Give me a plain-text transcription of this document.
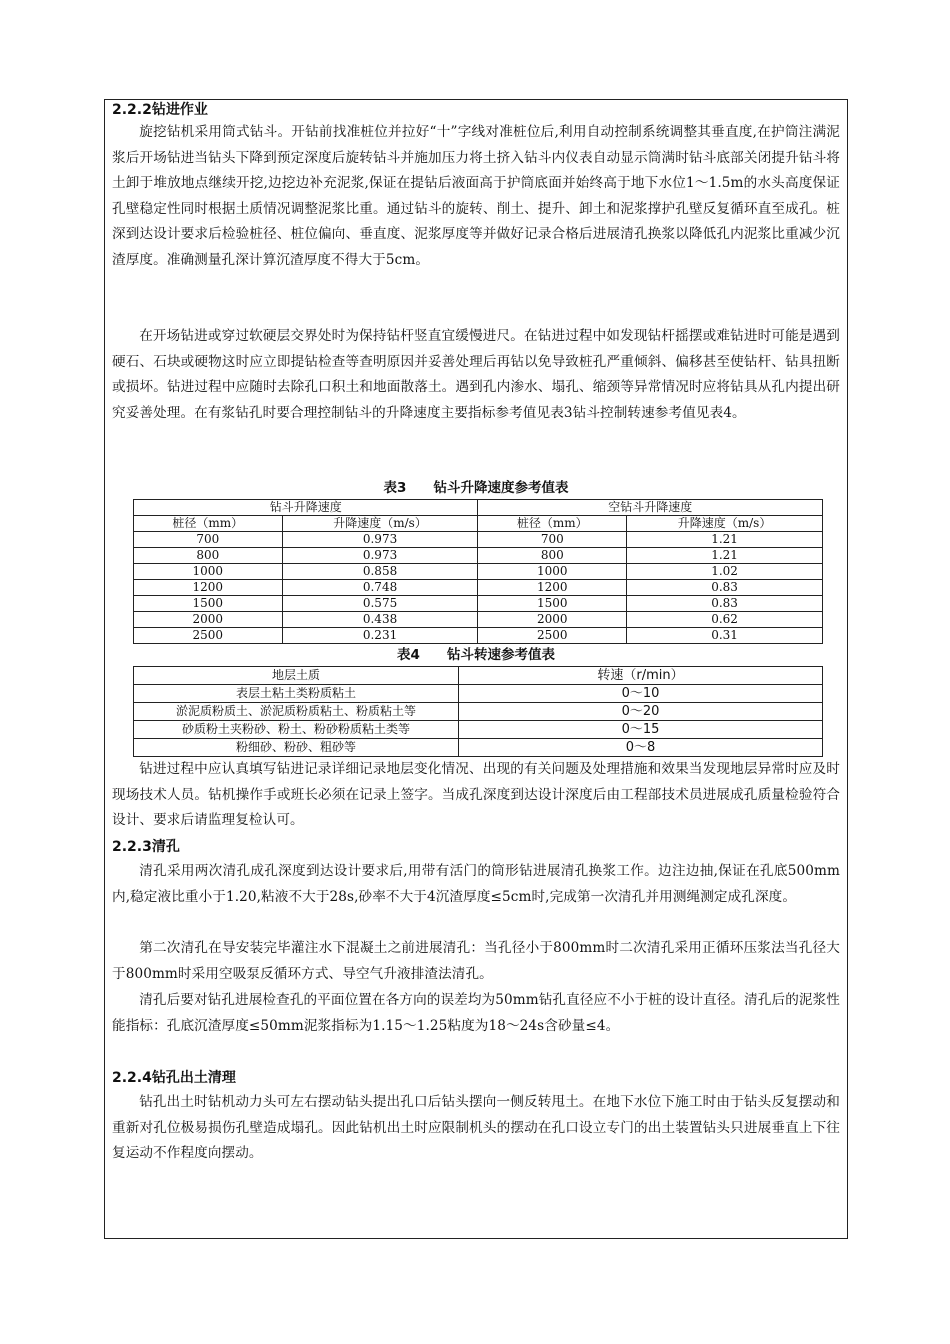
2.2.2钻进作业

旋挖钻机采用筒式钻斗。开钻前找准桩位并拉好“十”字线对准桩位后,利用自动控制系统调整其垂直度,在护筒注满泥浆后开场钻进当钻头下降到预定深度后旋转钻斗并施加压力将土挤入钻斗内仪表自动显示筒满时钻斗底部关闭提升钻斗将土卸于堆放地点继续开挖,边挖边补充泥浆,保证在提钻后液面高于护筒底面并始终高于地下水位1～1.5m的水头高度保证孔壁稳定性同时根据土质情况调整泥浆比重。通过钻斗的旋转、削土、提升、卸土和泥浆撑护孔壁反复循环直至成孔。桩深到达设计要求后检验桩径、桩位偏向、垂直度、泥浆厚度等并做好记录合格后进展清孔换浆以降低孔内泥浆比重减少沉渣厚度。准确测量孔深计算沉渣厚度不得大于5cm。

在开场钻进或穿过软硬层交界处时为保持钻杆竖直宜缓慢进尺。在钻进过程中如发现钻杆摇摆或难钻进时可能是遇到硬石、石块或硬物这时应立即提钻检查等查明原因并妥善处理后再钻以免导致桩孔严重倾斜、偏移甚至使钻杆、钻具扭断或损坏。钻进过程中应随时去除孔口积土和地面散落土。遇到孔内渗水、塌孔、缩颈等异常情况时应将钻具从孔内提出研究妥善处理。在有浆钻孔时要合理控制钻斗的升降速度主要指标参考值见表3钻斗控制转速参考值见表4。

表3　　钻斗升降速度参考值表

钻斗升降速度		空钻斗升降速度	
桩径（mm）	升降速度（m/s）	桩径（mm）	升降速度（m/s）
700	0.973	700	1.21
800	0.973	800	1.21
1000	0.858	1000	1.02
1200	0.748	1200	0.83
1500	0.575	1500	0.83
2000	0.438	2000	0.62
2500	0.231	2500	0.31

表4　　钻斗转速参考值表

地层土质	转速（r/min）
表层土粘土类粉质粘土	0～10
淤泥质粉质土、淤泥质粉质粘土、粉质粘土等	0～20
砂质粉土夹粉砂、粉土、粉砂粉质粘土类等	0～15
粉细砂、粉砂、粗砂等	0～8

钻进过程中应认真填写钻进记录详细记录地层变化情况、出现的有关问题及处理措施和效果当发现地层异常时应及时现场技术人员。钻机操作手或班长必须在记录上签字。当成孔深度到达设计深度后由工程部技术员进展成孔质量检验符合设计、要求后请监理复检认可。

2.2.3清孔

清孔采用两次清孔成孔深度到达设计要求后,用带有活门的筒形钻进展清孔换浆工作。边注边抽,保证在孔底500mm 内,稳定液比重小于1.20,粘液不大于28s,砂率不大于4沉渣厚度≤5cm时,完成第一次清孔并用测绳测定成孔深度。

第二次清孔在导安装完毕灌注水下混凝土之前进展清孔：当孔径小于800mm时二次清孔采用正循环压浆法当孔径大于800mm时采用空吸泵反循环方式、导空气升液排渣法清孔。

清孔后要对钻孔进展检查孔的平面位置在各方向的误差均为50mm钻孔直径应不小于桩的设计直径。清孔后的泥浆性能指标：孔底沉渣厚度≤50mm泥浆指标为1.15～1.25粘度为18～24s含砂量≤4。

2.2.4钻孔出土清理

钻孔出土时钻机动力头可左右摆动钻头提出孔口后钻头摆向一侧反转甩土。在地下水位下施工时由于钻头反复摆动和重新对孔位极易损伤孔壁造成塌孔。因此钻机出土时应限制机头的摆动在孔口设立专门的出土装置钻头只进展垂直上下往复运动不作程度向摆动。
